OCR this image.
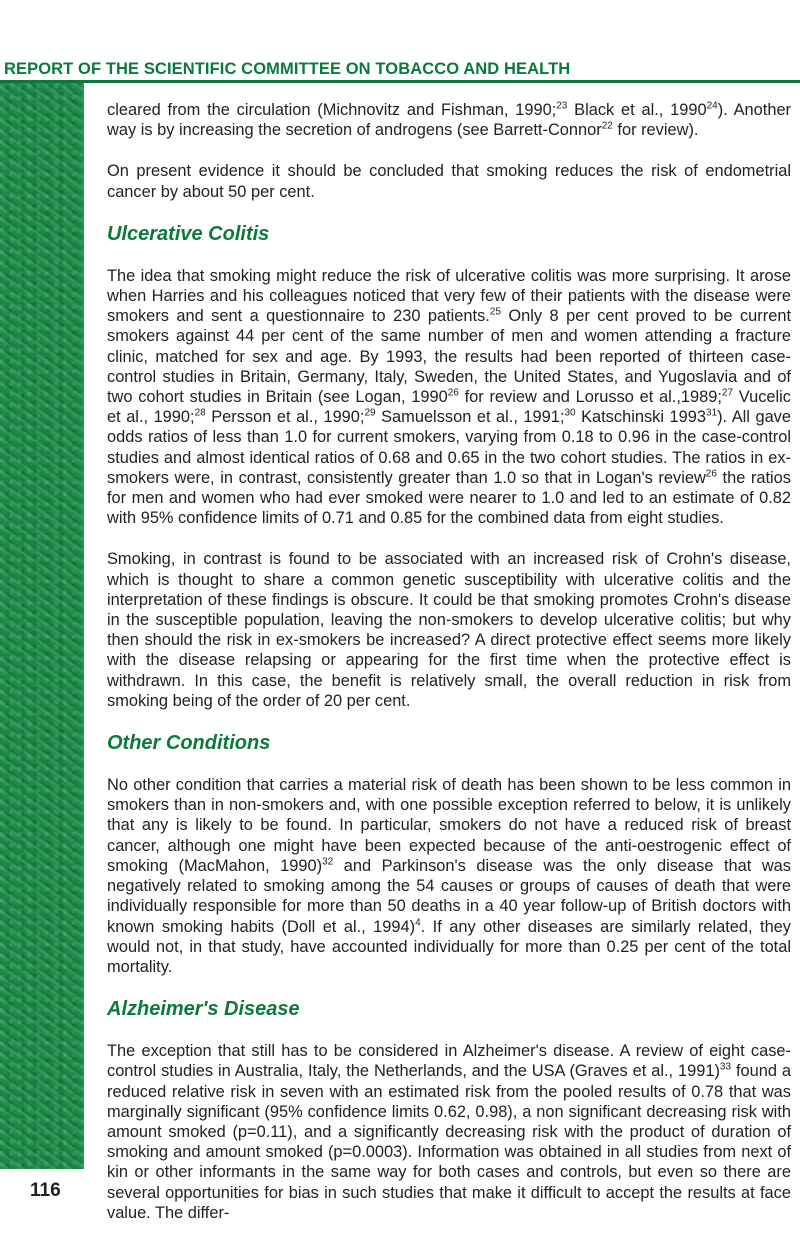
REPORT OF THE SCIENTIFIC COMMITTEE ON TOBACCO AND HEALTH
116

cleared from the circulation (Michnovitz and Fishman, 1990;$^{23}$ Black et al., 1990$^{24}$). Another way is by increasing the secretion of androgens (see Barrett-Connor$^{22}$ for review).

On present evidence it should be concluded that smoking reduces the risk of endometrial cancer by about 50 per cent.

Ulcerative Colitis

The idea that smoking might reduce the risk of ulcerative colitis was more surprising. It arose when Harries and his colleagues noticed that very few of their patients with the disease were smokers and sent a questionnaire to 230 patients.$^{25}$ Only 8 per cent proved to be current smokers against 44 per cent of the same number of men and women attending a fracture clinic, matched for sex and age. By 1993, the results had been reported of thirteen case-control studies in Britain, Germany, Italy, Sweden, the United States, and Yugoslavia and of two cohort studies in Britain (see Logan, 1990$^{26}$ for review and Lorusso et al.,1989;$^{27}$ Vucelic et al., 1990;$^{28}$ Persson et al., 1990;$^{29}$ Samuelsson et al., 1991;$^{30}$ Katschinski 1993$^{31}$). All gave odds ratios of less than 1.0 for current smokers, varying from 0.18 to 0.96 in the case-control studies and almost identical ratios of 0.68 and 0.65 in the two cohort studies. The ratios in ex-smokers were, in contrast, consistently greater than 1.0 so that in Logan's review$^{26}$ the ratios for men and women who had ever smoked were nearer to 1.0 and led to an estimate of 0.82 with 95% confidence limits of 0.71 and 0.85 for the combined data from eight studies.

Smoking, in contrast is found to be associated with an increased risk of Crohn's disease, which is thought to share a common genetic susceptibility with ulcerative colitis and the interpretation of these findings is obscure. It could be that smoking promotes Crohn's disease in the susceptible population, leaving the non-smokers to develop ulcerative colitis; but why then should the risk in ex-smokers be increased? A direct protective effect seems more likely with the disease relapsing or appearing for the first time when the protective effect is withdrawn. In this case, the benefit is relatively small, the overall reduction in risk from smoking being of the order of 20 per cent.

Other Conditions

No other condition that carries a material risk of death has been shown to be less common in smokers than in non-smokers and, with one possible exception referred to below, it is unlikely that any is likely to be found. In particular, smokers do not have a reduced risk of breast cancer, although one might have been expected because of the anti-oestrogenic effect of smoking (MacMahon, 1990)$^{32}$ and Parkinson's disease was the only disease that was negatively related to smoking among the 54 causes or groups of causes of death that were individually responsible for more than 50 deaths in a 40 year follow-up of British doctors with known smoking habits (Doll et al., 1994)$^4$. If any other diseases are similarly related, they would not, in that study, have accounted individually for more than 0.25 per cent of the total mortality.

Alzheimer's Disease

The exception that still has to be considered in Alzheimer's disease. A review of eight case-control studies in Australia, Italy, the Netherlands, and the USA (Graves et al., 1991)$^{33}$ found a reduced relative risk in seven with an estimated risk from the pooled results of 0.78 that was marginally significant (95% confidence limits 0.62, 0.98), a non significant decreasing risk with amount smoked (p=0.11), and a significantly decreasing risk with the product of duration of smoking and amount smoked (p=0.0003). Information was obtained in all studies from next of kin or other informants in the same way for both cases and controls, but even so there are several opportunities for bias in such studies that make it difficult to accept the results at face value. The differ-
